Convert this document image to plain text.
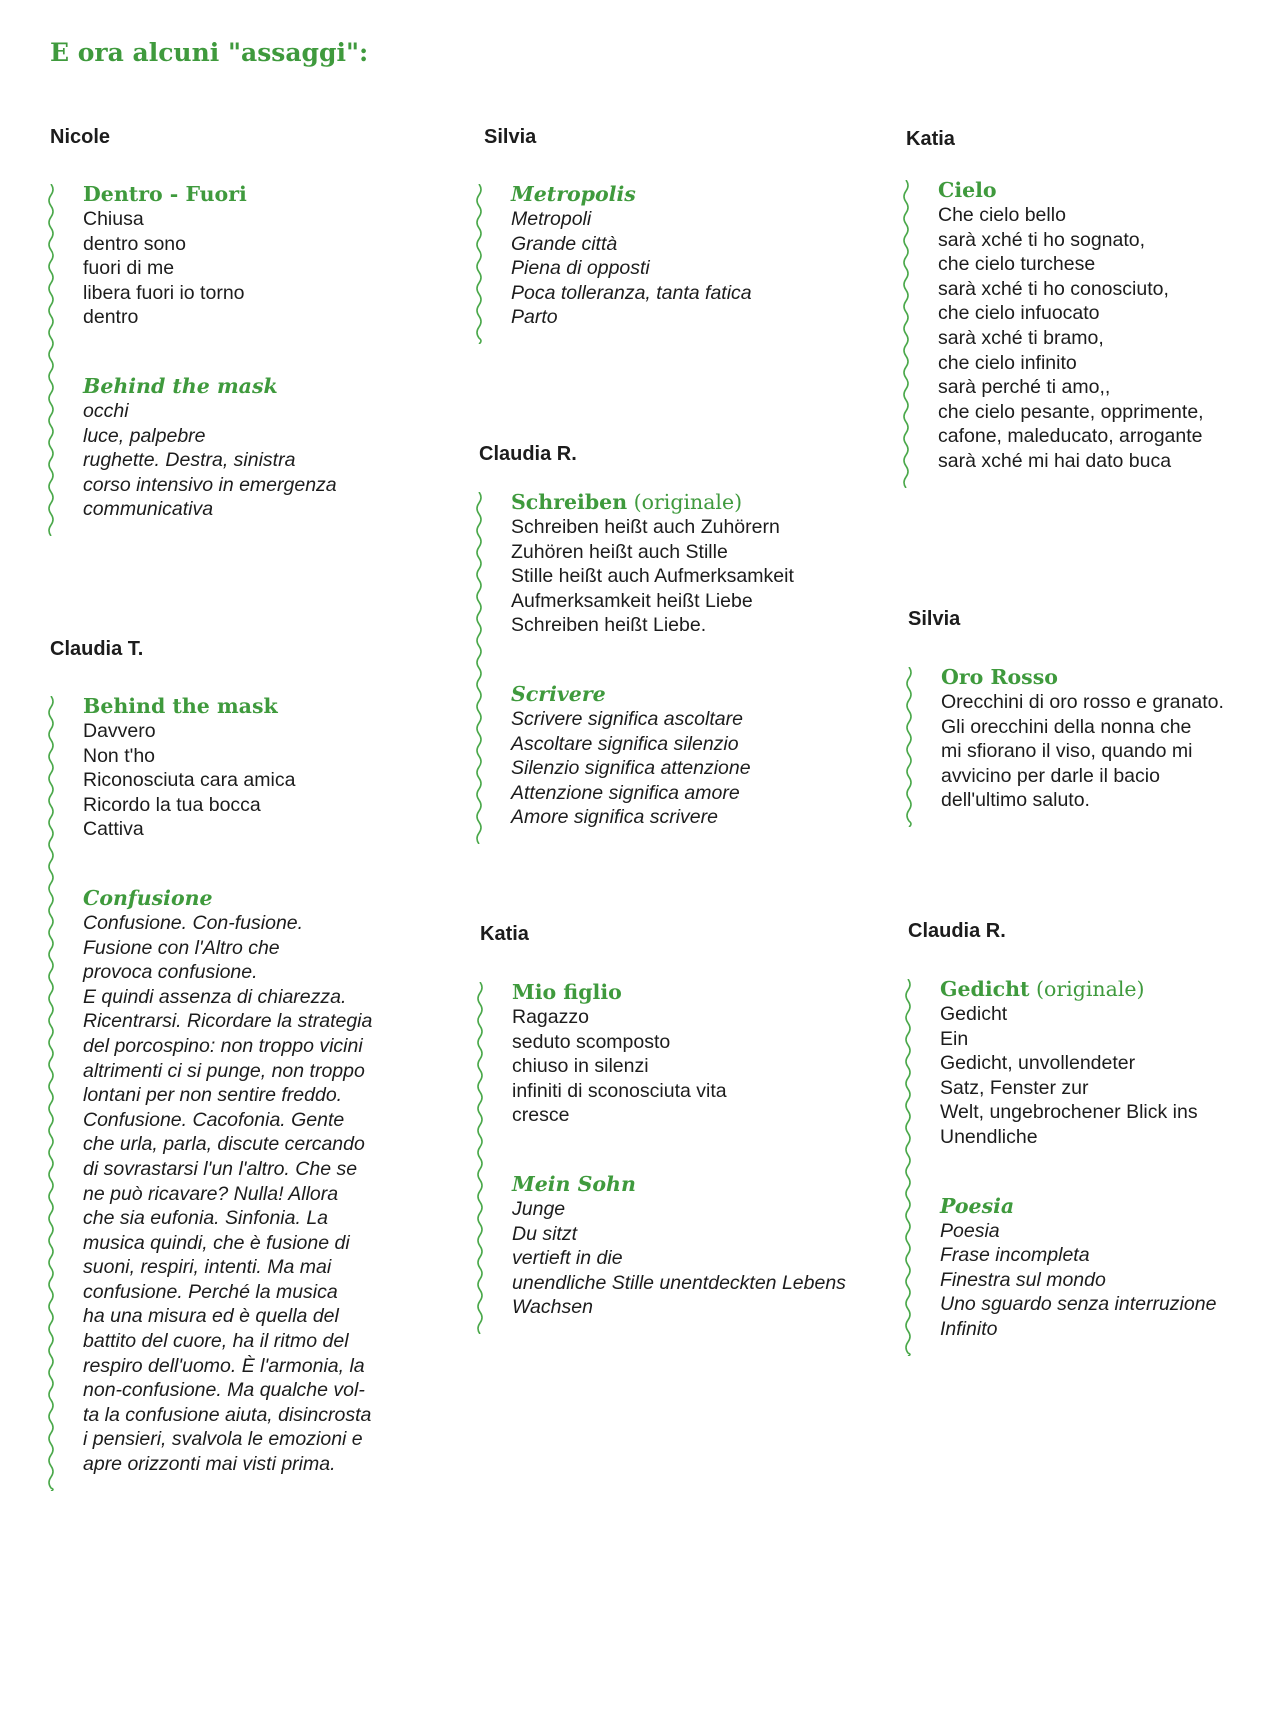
E ora alcuni "assaggi":
Nicole
Dentro - Fuori
Chiusa
dentro sono
fuori di me
libera fuori io torno
dentro
Behind the mask
occhi
luce, palpebre
rughette. Destra, sinistra
corso intensivo in emergenza
communicativa
Claudia T.
Behind the mask
Davvero
Non t'ho
Riconosciuta cara amica
Ricordo la tua bocca
Cattiva
Confusione
Confusione. Con-fusione.
Fusione con l'Altro che
provoca confusione.
E quindi assenza di chiarezza.
Ricentrarsi. Ricordare la strategia
del porcospino: non troppo vicini
altrimenti ci si punge, non troppo
lontani per non sentire freddo.
Confusione. Cacofonia. Gente
che urla, parla, discute cercando
di sovrastarsi l'un l'altro. Che se
ne può ricavare? Nulla! Allora
che sia eufonia. Sinfonia. La
musica quindi, che è fusione di
suoni, respiri, intenti. Ma mai
confusione. Perché la musica
ha una misura ed è quella del
battito del cuore, ha il ritmo del
respiro dell'uomo. È l'armonia, la
non-confusione. Ma qualche vol-
ta la confusione aiuta, disincrosta
i pensieri, svalvola le emozioni e
apre orizzonti mai visti prima.
Silvia
Metropolis
Metropoli
Grande città
Piena di opposti
Poca tolleranza, tanta fatica
Parto
Claudia R.
Schreiben (originale)
Schreiben heißt auch Zuhörern
Zuhören heißt auch Stille
Stille heißt auch Aufmerksamkeit
Aufmerksamkeit heißt Liebe
Schreiben heißt Liebe.
Scrivere
Scrivere significa ascoltare
Ascoltare significa silenzio
Silenzio significa attenzione
Attenzione significa amore
Amore significa scrivere
Katia
Mio figlio
Ragazzo
seduto scomposto
chiuso in silenzi
infiniti di sconosciuta vita
cresce
Mein Sohn
Junge
Du sitzt
vertieft in die
unendliche Stille unentdeckten Lebens
Wachsen
Katia
Cielo
Che cielo bello
sarà xché ti ho sognato,
che cielo turchese
sarà xché ti ho conosciuto,
che cielo infuocato
sarà xché ti bramo,
che cielo infinito
sarà perché ti amo,,
che cielo pesante, opprimente,
cafone, maleducato, arrogante
sarà xché mi hai dato buca
Silvia
Oro Rosso
Orecchini di oro rosso e granato.
Gli orecchini della nonna che
mi sfiorano il viso, quando mi
avvicino per darle il bacio
dell'ultimo saluto.
Claudia R.
Gedicht (originale)
Gedicht
Ein
Gedicht, unvollendeter
Satz, Fenster zur
Welt, ungebrochener Blick ins
Unendliche
Poesia
Poesia
Frase incompleta
Finestra sul mondo
Uno sguardo senza interruzione
Infinito
